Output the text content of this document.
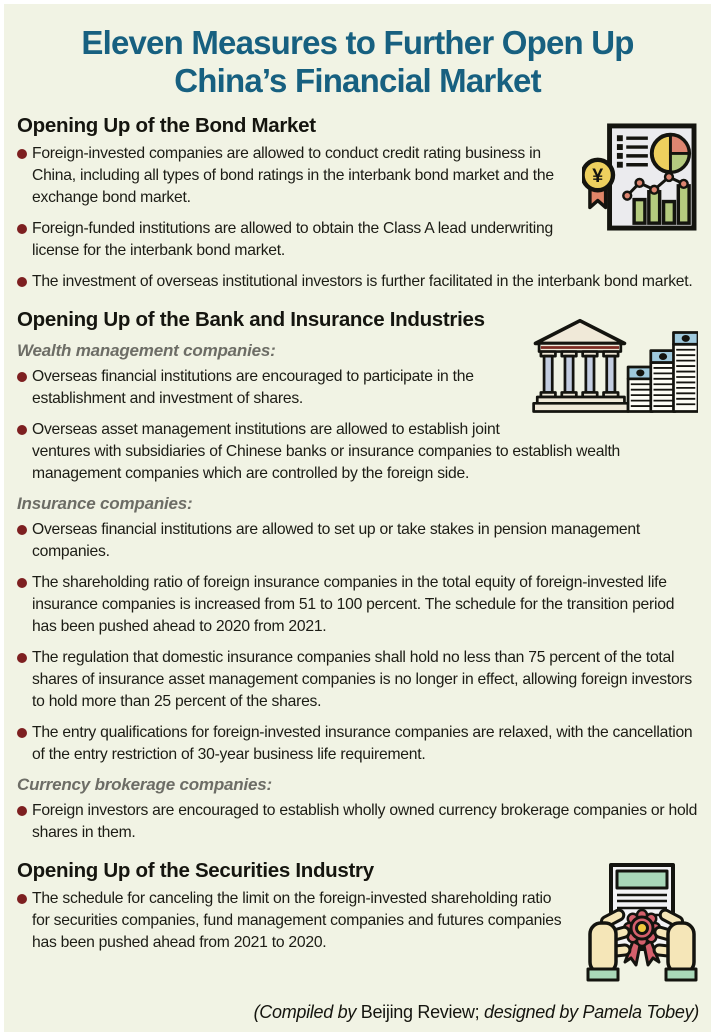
Eleven Measures to Further Open Up
China’s Financial Market
¥
Opening Up of the Bond Market
Foreign-invested companies are allowed to conduct credit rating business in China, including all types of bond ratings in the interbank bond market and the exchange bond market.
Foreign-funded institutions are allowed to obtain the Class A lead underwriting license for the interbank bond market.
The investment of overseas institutional investors is further facilitated in the interbank bond market.
Opening Up of the Bank and Insurance Industries
Wealth management companies:
Overseas financial institutions are encouraged to participate in the establishment and investment of shares.
Overseas asset management institutions are allowed to establish joint ventures with subsidiaries of Chinese banks or insurance companies to establish wealth management companies which are controlled by the foreign side.
Insurance companies:
Overseas financial institutions are allowed to set up or take stakes in pension management companies.
The shareholding ratio of foreign insurance companies in the total equity of foreign-invested life insurance companies is increased from 51 to 100 percent. The schedule for the transition period has been pushed ahead to 2020 from 2021.
The regulation that domestic insurance companies shall hold no less than 75 percent of the total shares of insurance asset management companies is no longer in effect, allowing foreign investors to hold more than 25 percent of the shares.
The entry qualifications for foreign-invested insurance companies are relaxed, with the cancellation of the entry restriction of 30-year business life requirement.
Currency brokerage companies:
Foreign investors are encouraged to establish wholly owned currency brokerage companies or hold shares in them.
Opening Up of the Securities Industry
The schedule for canceling the limit on the foreign-invested shareholding ratio for securities companies, fund management companies and futures companies has been pushed ahead from 2021 to 2020.
(Compiled by Beijing Review; designed by Pamela Tobey)
